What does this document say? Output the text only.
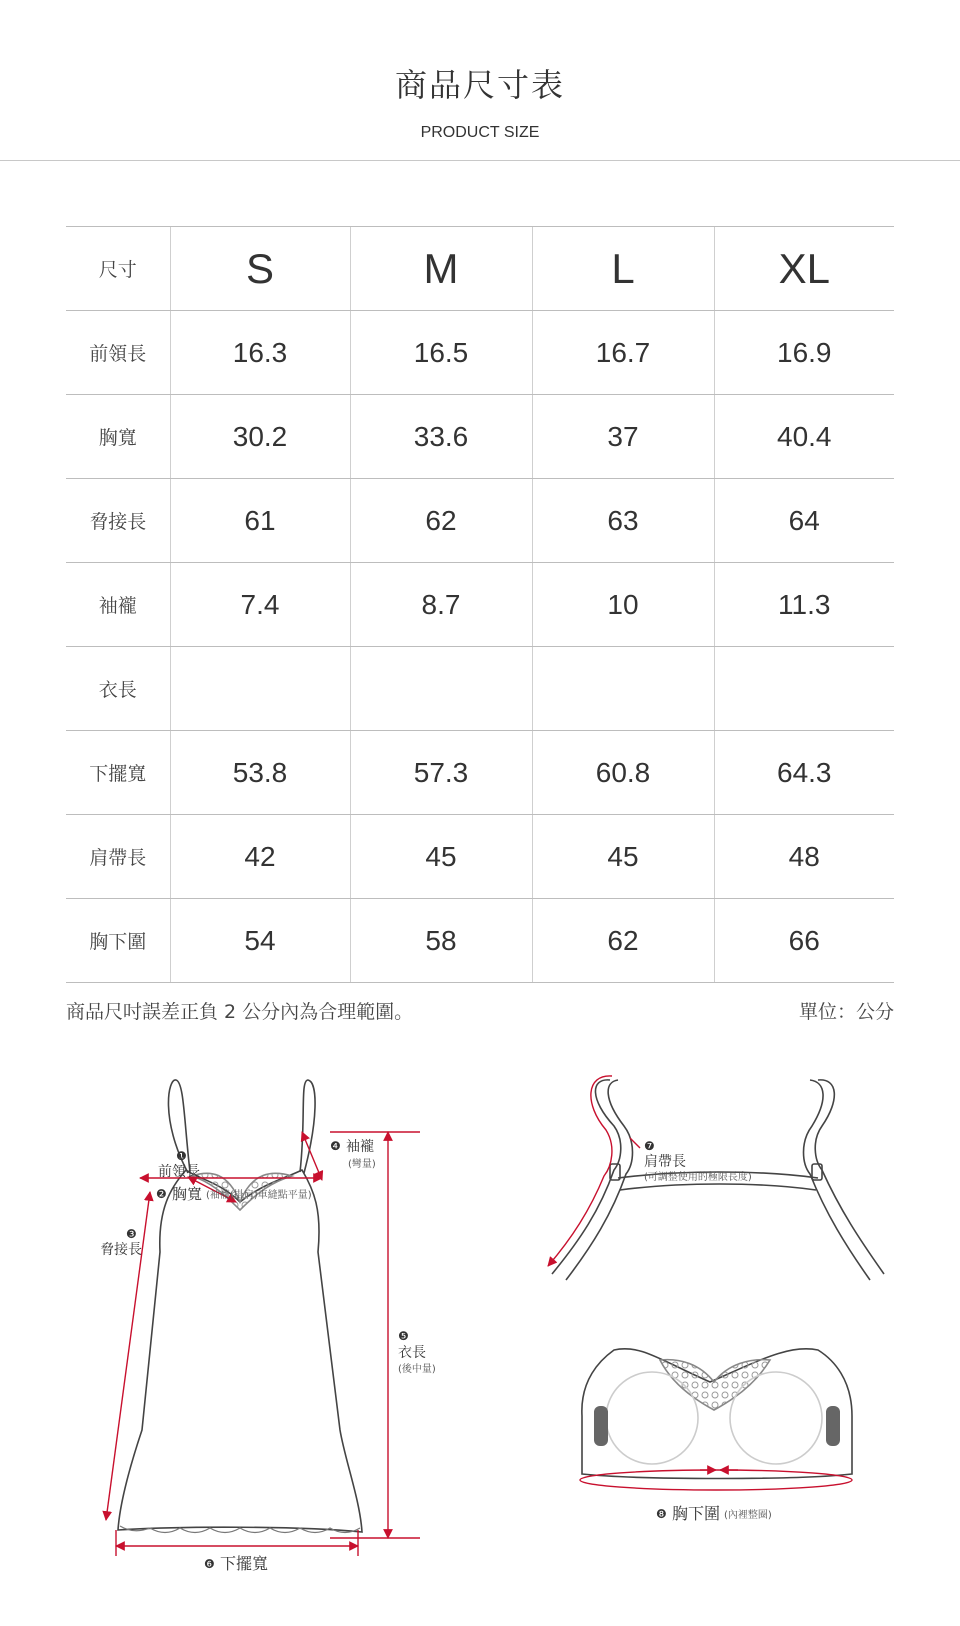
商品尺寸表
PRODUCT SIZE
尺寸	S	M	L	XL
前領長	16.3	16.5	16.7	16.9
胸寬	30.2	33.6	37	40.4
脅接長	61	62	63	64
袖襱	7.4	8.7	10	11.3
衣長				
下擺寬	53.8	57.3	60.8	64.3
肩帶長	42	45	45	48
胸下圍	54	58	62	66
商品尺吋誤差正負 2 公分內為合理範圍。	單位：公分
❶
前領長
❷ 胸寬 (袖襱(掛肩)車縫點平量)
❸
脅接長
❹ 袖襱
(彎量)
❺
衣長
(後中量)
❻ 下擺寬
❼
肩帶長
(可調整使用的極限長度)
❽ 胸下圍 (內裡整圈)
